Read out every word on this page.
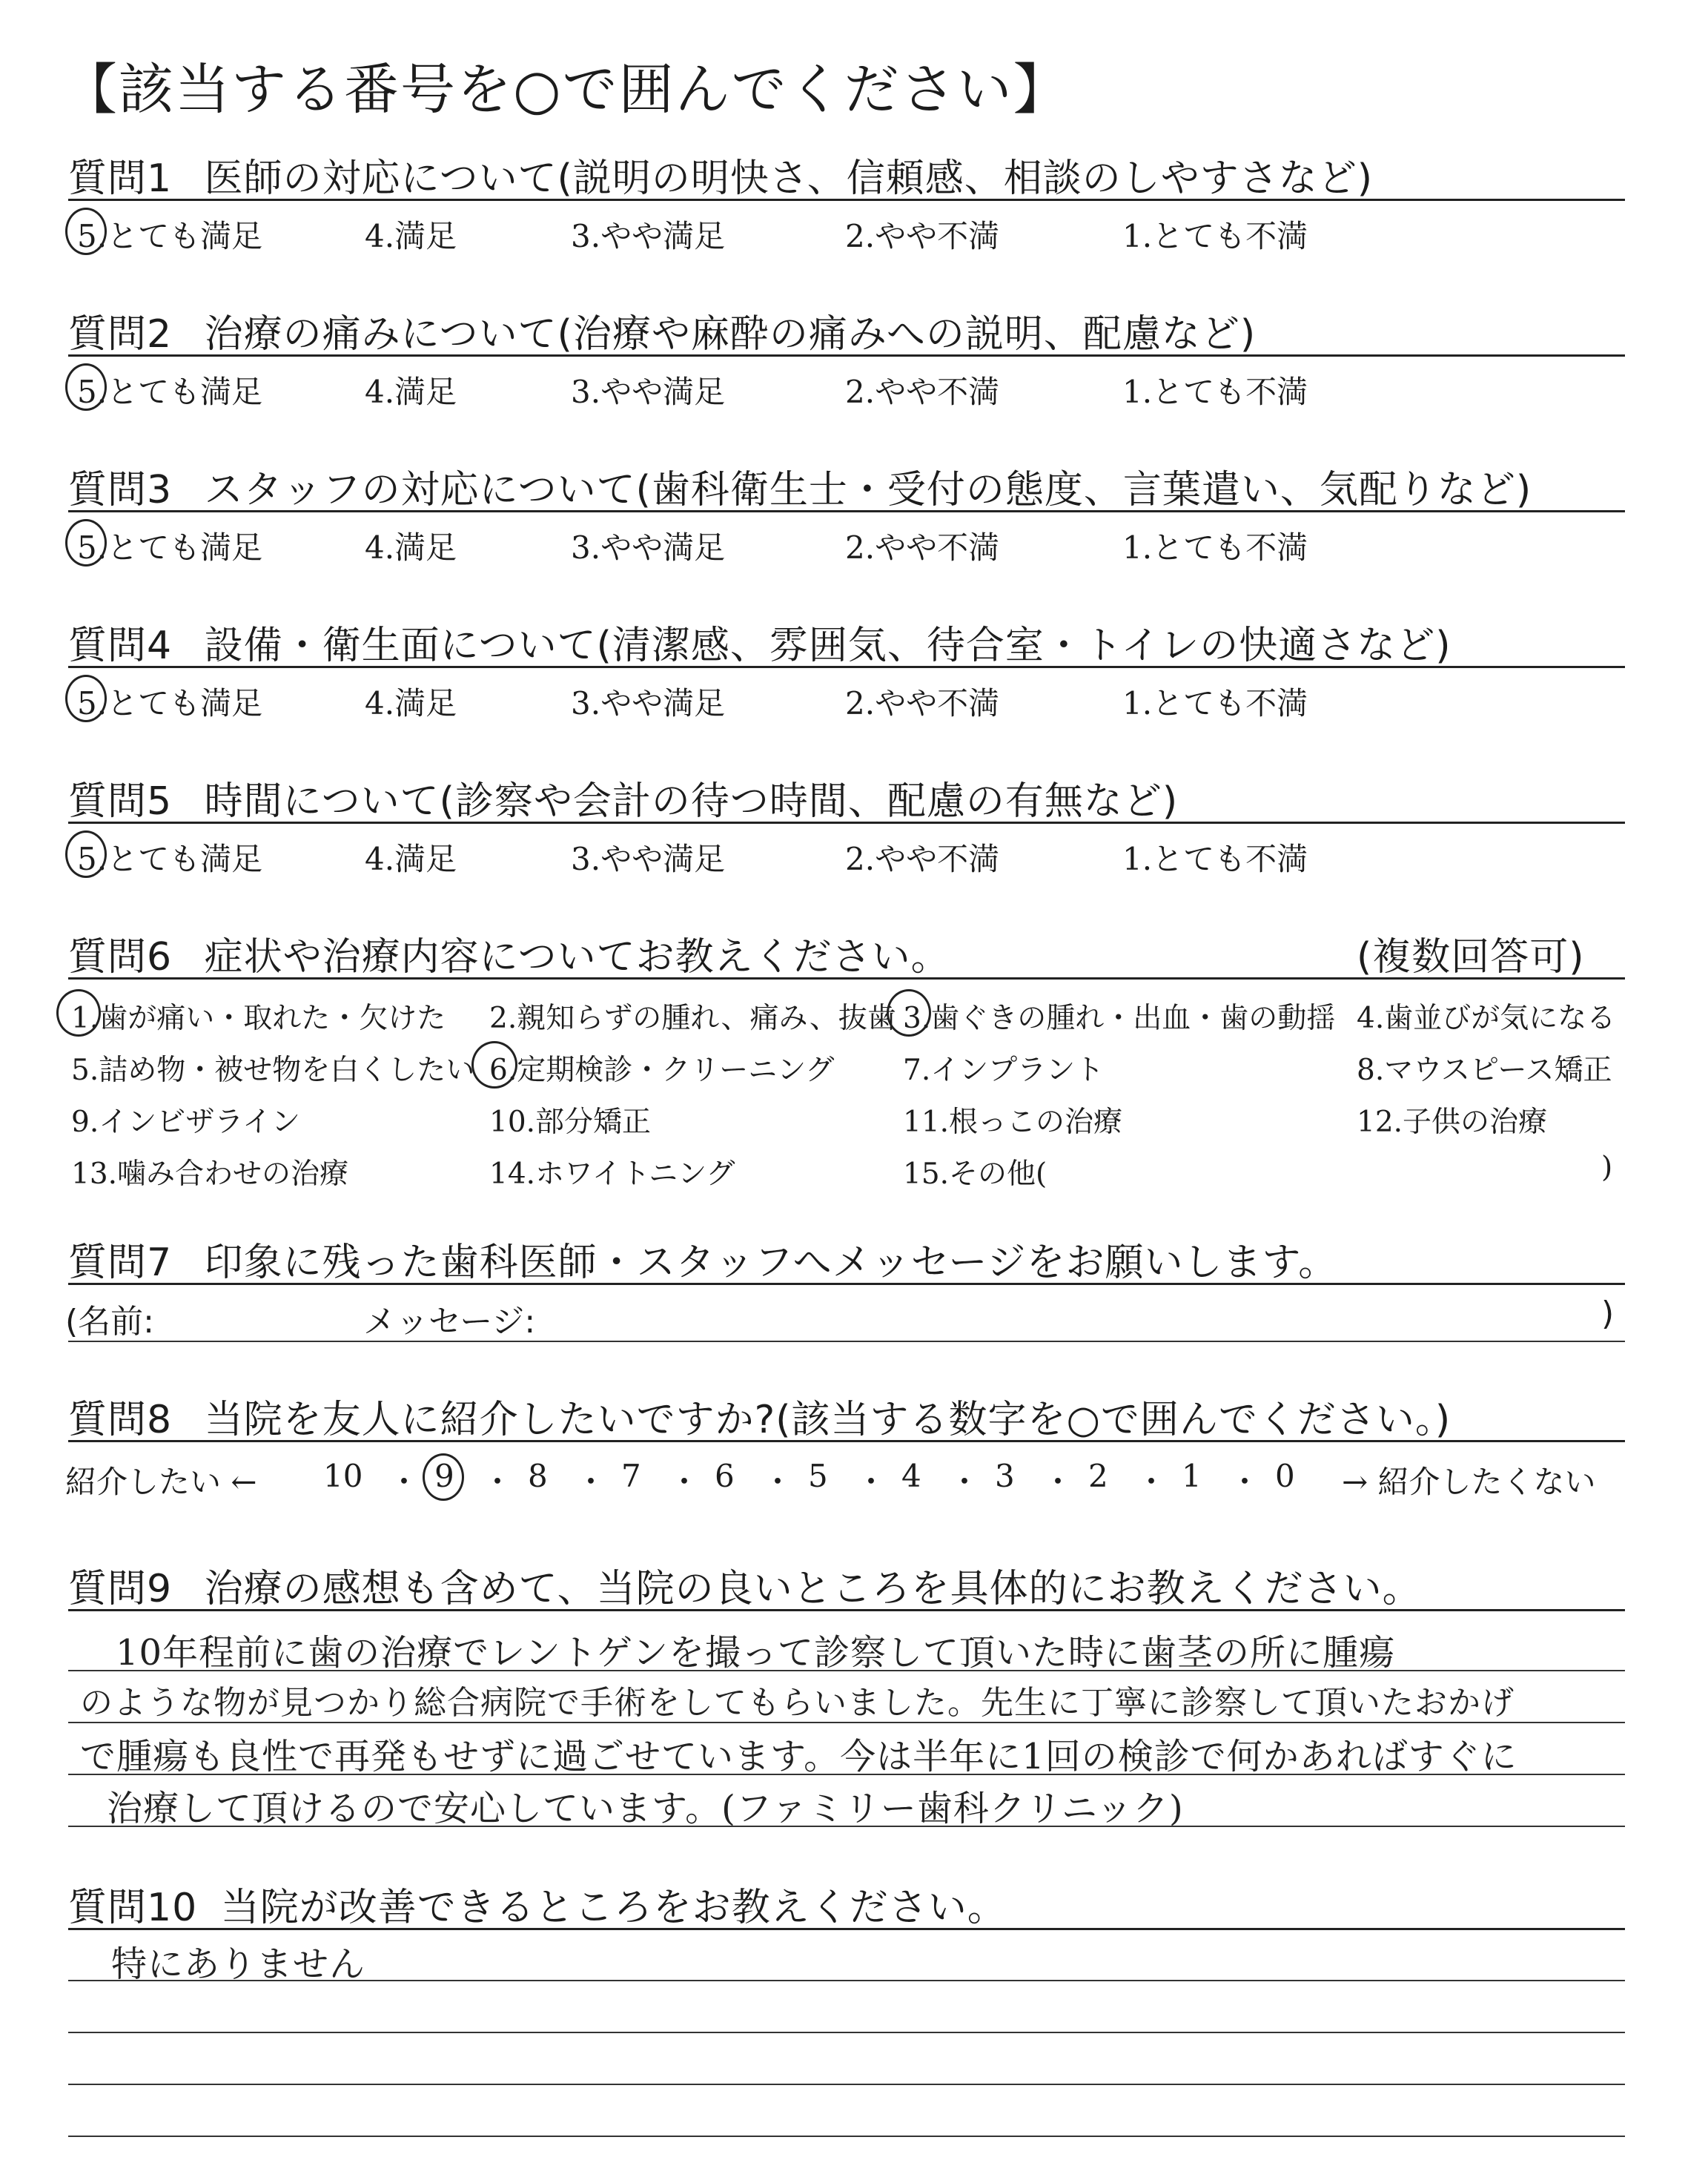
【該当する番号を○で囲んでください】
質問1 医師の対応について(説明の明快さ、信頼感、相談のしやすさなど)
5.とても満足	4.満足	3.やや満足	2.やや不満	1.とても不満
質問2 治療の痛みについて(治療や麻酔の痛みへの説明、配慮など)
5.とても満足	4.満足	3.やや満足	2.やや不満	1.とても不満
質問3 スタッフの対応について(歯科衛生士・受付の態度、言葉遣い、気配りなど)
5.とても満足	4.満足	3.やや満足	2.やや不満	1.とても不満
質問4 設備・衛生面について(清潔感、雰囲気、待合室・トイレの快適さなど)
5.とても満足	4.満足	3.やや満足	2.やや不満	1.とても不満
質問5 時間について(診察や会計の待つ時間、配慮の有無など)
5.とても満足	4.満足	3.やや満足	2.やや不満	1.とても不満
質問6 症状や治療内容についてお教えください。	(複数回答可)
1.歯が痛い・取れた・欠けた 2.親知らずの腫れ、痛み、抜歯 3.歯ぐきの腫れ・出血・歯の動揺 4.歯並びが気になる
5.詰め物・被せ物を白くしたい 6.定期検診・クリーニング 7.インプラント	8.マウスピース矯正
9.インビザライン	10.部分矯正	11.根っこの治療	12.子供の治療
13.噛み合わせの治療	14.ホワイトニング	15.その他(	)
質問7 印象に残った歯科医師・スタッフへメッセージをお願いします。
(名前:	メッセージ:	)
質問8 当院を友人に紹介したいですか?(該当する数字を○で囲んでください。)
紹介したい ←	→ 紹介したくない
10 ・ 9 ・ 8 ・ 7 ・ 6 ・ 5 ・ 4 ・ 3 ・ 2 ・ 1 ・ 0
質問9 治療の感想も含めて、当院の良いところを具体的にお教えください。
10年程前に歯の治療でレントゲンを撮って診察して頂いた時に歯茎の所に腫瘍
のような物が見つかり総合病院で手術をしてもらいました。先生に丁寧に診察して頂いたおかげ
で腫瘍も良性で再発もせずに過ごせています。今は半年に1回の検診で何かあればすぐに
治療して頂けるので安心しています。(ファミリー歯科クリニック)
質問10 当院が改善できるところをお教えください。
特にありません
